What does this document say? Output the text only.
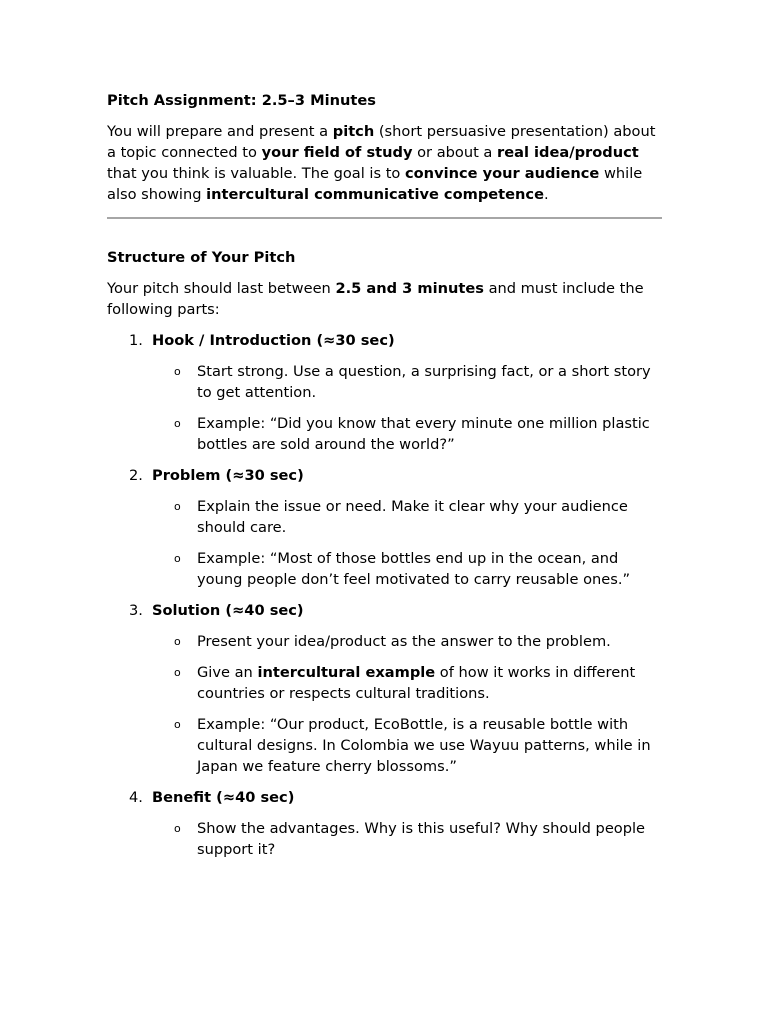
Pitch Assignment: 2.5–3 Minutes

You will prepare and present a pitch (short persuasive presentation) about a topic connected to your field of study or about a real idea/product that you think is valuable. The goal is to convince your audience while also showing intercultural communicative competence.

Structure of Your Pitch

Your pitch should last between 2.5 and 3 minutes and must include the following parts:

1. Hook / Introduction (≈30 sec)
o Start strong. Use a question, a surprising fact, or a short story to get attention.
o Example: “Did you know that every minute one million plastic bottles are sold around the world?”
2. Problem (≈30 sec)
o Explain the issue or need. Make it clear why your audience should care.
o Example: “Most of those bottles end up in the ocean, and young people don’t feel motivated to carry reusable ones.”
3. Solution (≈40 sec)
o Present your idea/product as the answer to the problem.
o Give an intercultural example of how it works in different countries or respects cultural traditions.
o Example: “Our product, EcoBottle, is a reusable bottle with cultural designs. In Colombia we use Wayuu patterns, while in Japan we feature cherry blossoms.”
4. Benefit (≈40 sec)
o Show the advantages. Why is this useful? Why should people support it?
